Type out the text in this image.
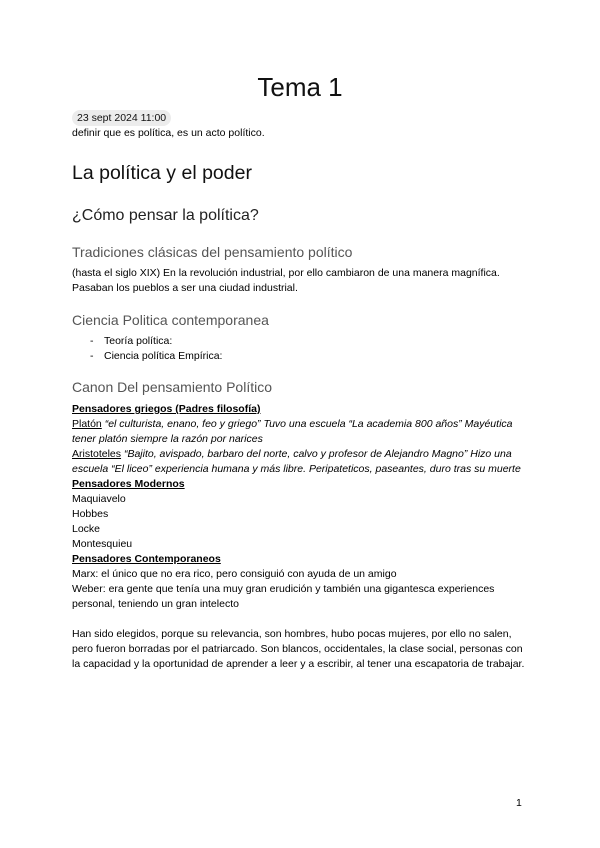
Tema 1
23 sept 2024 11:00
definir que es política, es un acto político.
La política y el poder
¿Cómo pensar la política?
Tradiciones clásicas del pensamiento político

(hasta el siglo XIX) En la revolución industrial, por ello cambiaron de una manera magnífica. Pasaban los pueblos a ser una ciudad industrial.

Ciencia Politica contemporanea
- Teoría política:
- Ciencia política Empírica:
Canon Del pensamiento Político
Pensadores griegos (Padres filosofía)

Platón “el culturista, enano, feo y griego” Tuvo una escuela “La academia 800 años” Mayéutica tener platón siempre la razón por narices

Aristoteles “Bajito, avispado, barbaro del norte, calvo y profesor de Alejandro Magno” Hizo una escuela “El liceo” experiencia humana y más libre. Peripateticos, paseantes, duro tras su muerte

Pensadores Modernos
Maquiavelo
Hobbes
Locke
Montesquieu
Pensadores Contemporaneos

Marx: el único que no era rico, pero consiguió con ayuda de un amigo

Weber: era gente que tenía una muy gran erudición y también una gigantesca experiences personal, teniendo un gran intelecto

Han sido elegidos, porque su relevancia, son hombres, hubo pocas mujeres, por ello no salen, pero fueron borradas por el patriarcado. Son blancos, occidentales, la clase social, personas con la capacidad y la oportunidad de aprender a leer y a escribir, al tener una escapatoria de trabajar.

1
